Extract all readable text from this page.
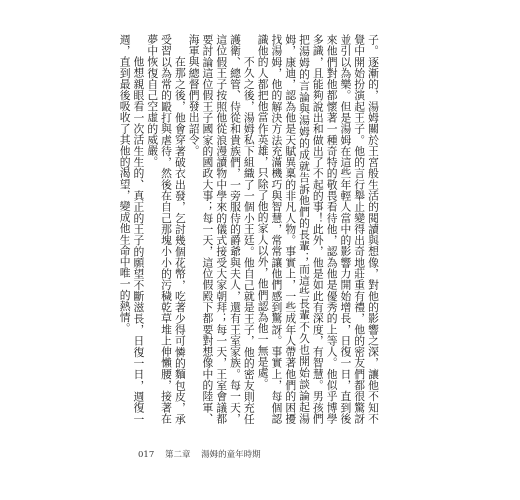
子。逐漸的，湯姆關於王宮般生活的閱讀與想像，對他的影響之深，讓他不知不覺中開始扮演起王子。他的言行舉止變得出奇地莊重有禮，他的密友們都很驚訝並引以為樂。但是湯姆在這些年輕人當中的影響力開始增長，日復一日，直到後來他們對他都懷著一種奇特的敬畏看待他，認為他是優秀的上等人。他似乎博學多識，且能夠說出和做出了不起的事！此外，他是如此有深度，有智慧。男孩們把湯姆的言論與湯姆的成就告訴他們的長輩；而這些長輩不久也開始談論起湯姆，康迪，認為他是天賦異稟的非凡人物。事實上，一些成年人帶著他們的困擾找湯姆，他的解決方法充滿機巧與智慧，常常讓他們感到驚訝。事實上，每個認識他的人都把他當作英雄，只除了他的家人以外，他們認為他一無是處。

不久之後，湯姆私下組織了一個小王廷。他自己就是王子，他的密友則充任護衛、總管、侍從和貴族們，一旁服侍的爵爺與夫人，還有王室家族。每一天，這位假王子按照他從浪漫讀物中學來的儀式接受大家朝拜；每一天，王室會議都要討論這位假王子國家的國政大事；每一天，這位假殿下都要對想像中的陸軍、海軍與總督們發出詔令。

在那之後，他會穿著破衣出發，乞討幾個花幣，吃著少得可憐的麵包皮，承受習以為常的毆打與虐待，然後在自己那塊小小的污穢乾草堆上伸懶腰，接著在夢中恢復自己空虛的威嚴。

他想親眼看一次活生生的、真正的王子的願望不斷滋長，日復一日，週復一週，直到最後吸收了其他的渴望，變成他生命中唯一的熱情。

017 第二章 湯姆的童年時期
